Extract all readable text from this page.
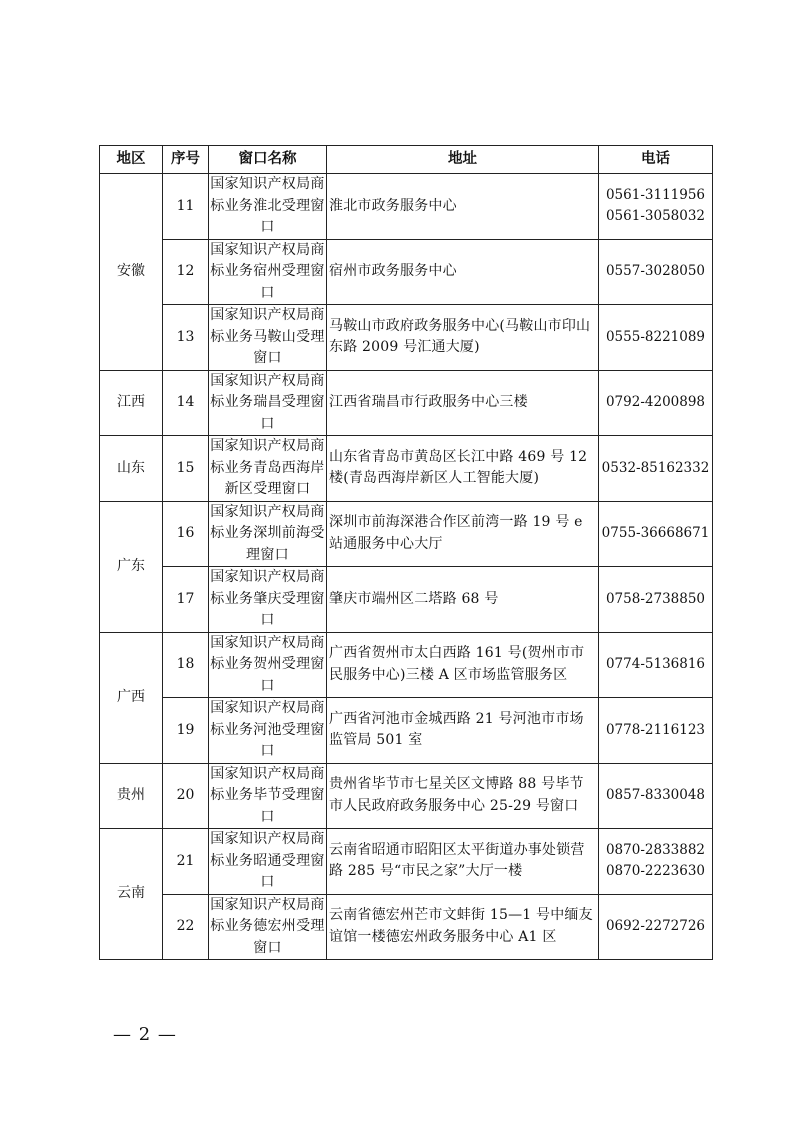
地区	序号	窗口名称	地址	电话
安徽	11	国家知识产权局商标业务淮北受理窗口	淮北市政务服务中心	0561-3111956
0561-3058032

	12	国家知识产权局商标业务宿州受理窗口	宿州市政务服务中心	0557-3028050

	13	国家知识产权局商标业务马鞍山受理窗口	马鞍山市政府政务服务中心(马鞍山市印山东路 2009 号汇通大厦)	0555-8221089

江西	14	国家知识产权局商标业务瑞昌受理窗口	江西省瑞昌市行政服务中心三楼	0792-4200898

山东	15	国家知识产权局商标业务青岛西海岸新区受理窗口	山东省青岛市黄岛区长江中路 469 号 12 楼(青岛西海岸新区人工智能大厦)	0532-85162332

广东	16	国家知识产权局商标业务深圳前海受理窗口	深圳市前海深港合作区前湾一路 19 号 e 站通服务中心大厅	0755-36668671

	17	国家知识产权局商标业务肇庆受理窗口	肇庆市端州区二塔路 68 号	0758-2738850

广西	18	国家知识产权局商标业务贺州受理窗口	广西省贺州市太白西路 161 号(贺州市市民服务中心)三楼 A 区市场监管服务区	0774-5136816

	19	国家知识产权局商标业务河池受理窗口	广西省河池市金城西路 21 号河池市市场监管局 501 室	0778-2116123

贵州	20	国家知识产权局商标业务毕节受理窗口	贵州省毕节市七星关区文博路 88 号毕节市人民政府政务服务中心 25-29 号窗口	0857-8330048

云南	21	国家知识产权局商标业务昭通受理窗口	云南省昭通市昭阳区太平街道办事处锁营路 285 号“市民之家”大厅一楼	0870-2833882
0870-2223630

	22	国家知识产权局商标业务德宏州受理窗口	云南省德宏州芒市文蚌街 15—1 号中缅友谊馆一楼德宏州政务服务中心 A1 区	0692-2272726
— 2 —
